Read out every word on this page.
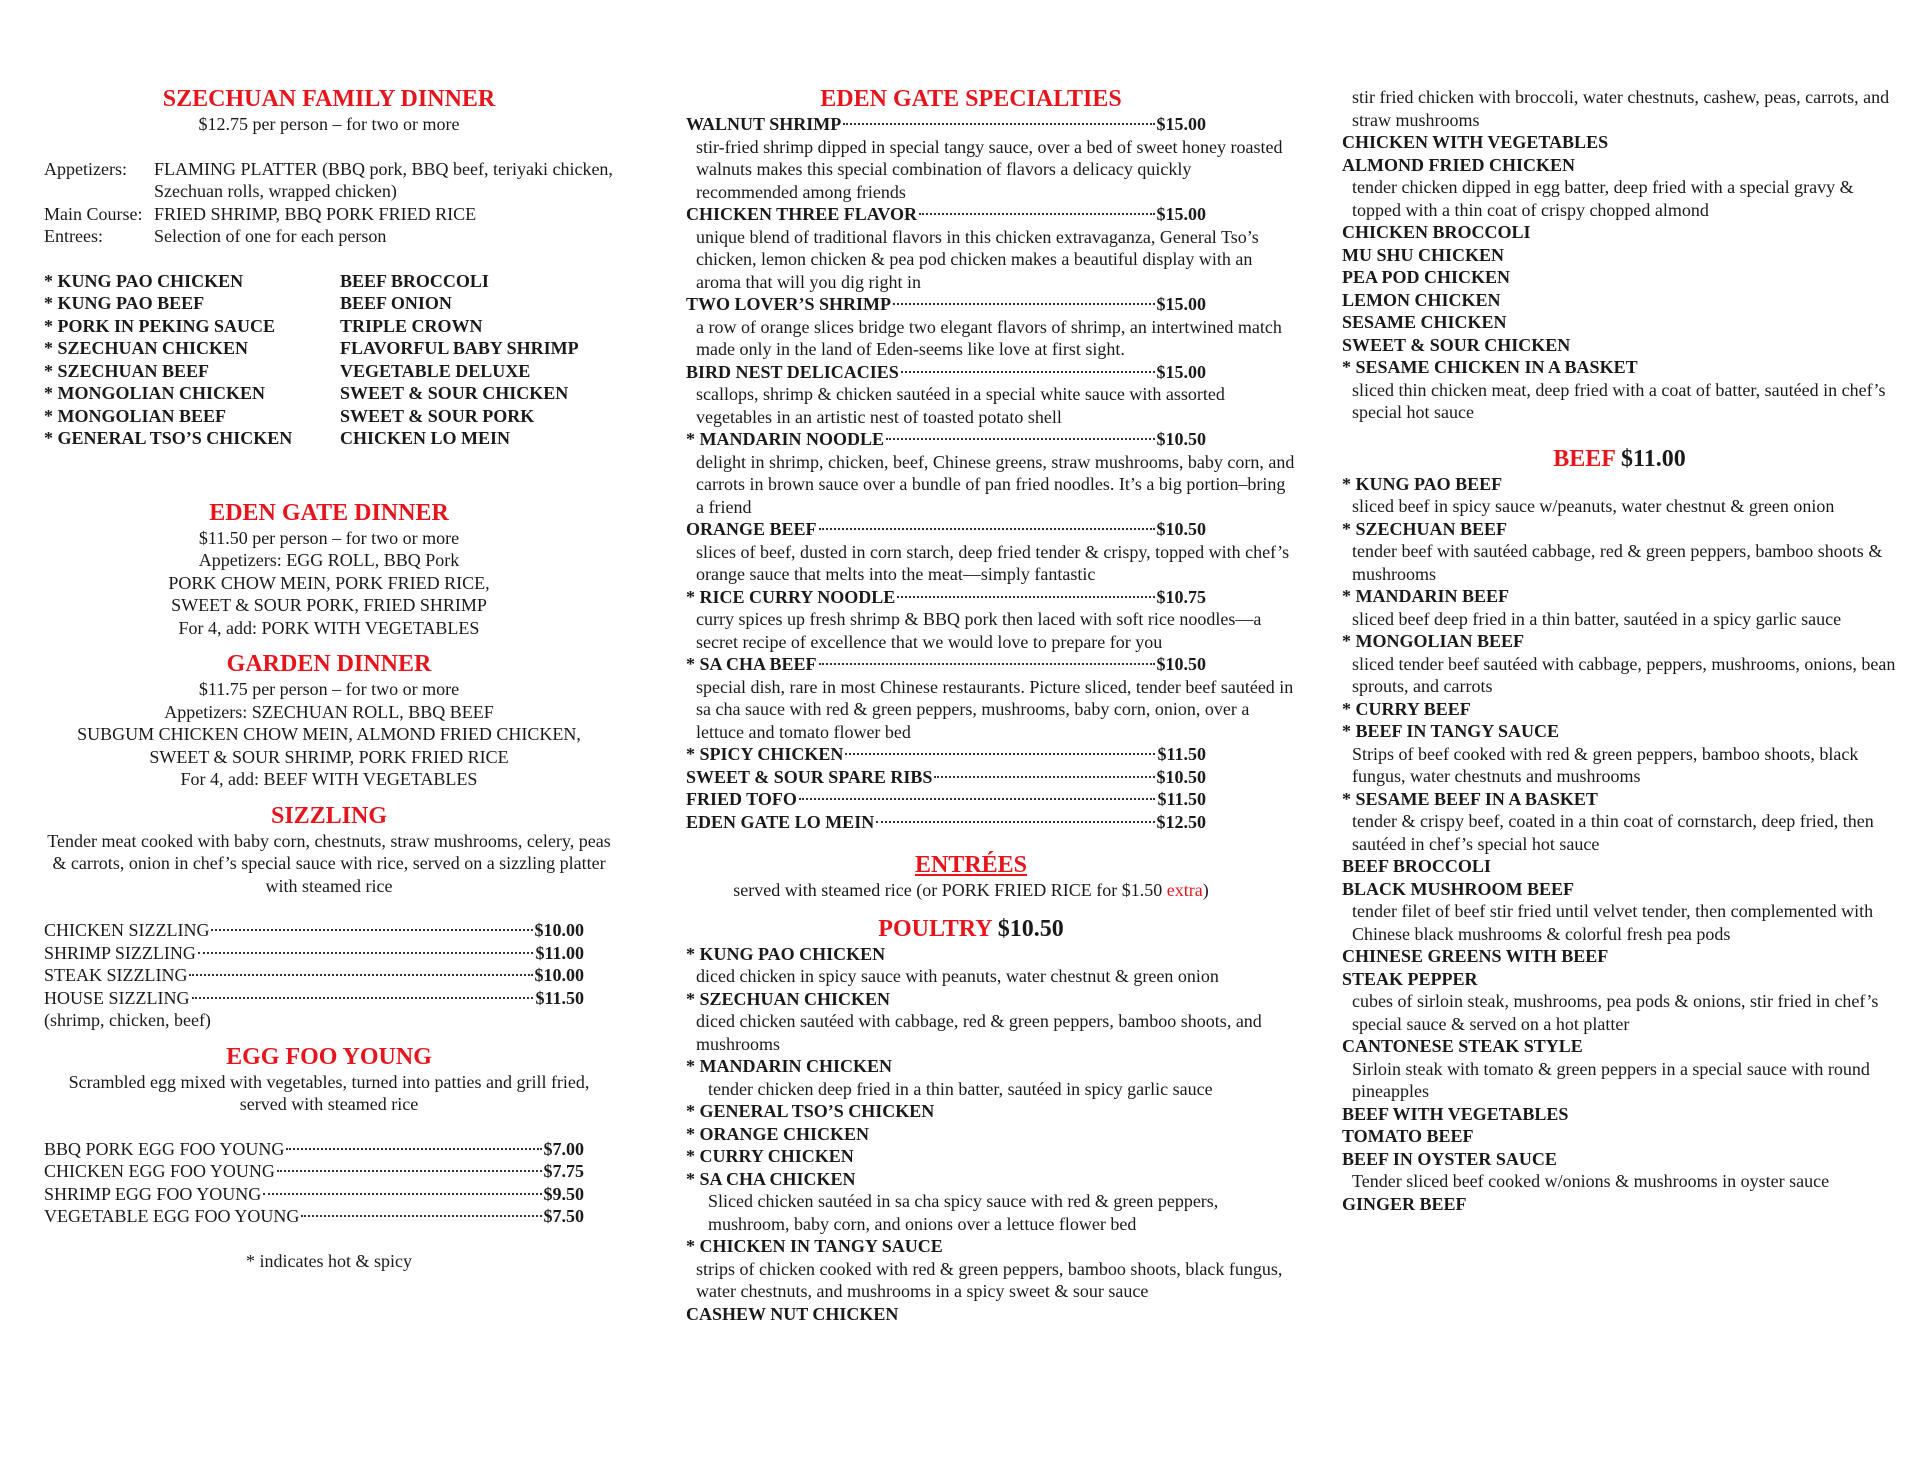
SZECHUAN FAMILY DINNER
$12.75 per person – for two or more
Appetizers:	FLAMING PLATTER (BBQ pork, BBQ beef, teriyaki chicken, Szechuan rolls, wrapped chicken)
Main Course: FRIED SHRIMP, BBQ PORK FRIED RICE
Entrees:	Selection of one for each person
* KUNG PAO CHICKEN	BEEF BROCCOLI
* KUNG PAO BEEF	BEEF ONION
* PORK IN PEKING SAUCE	TRIPLE CROWN
* SZECHUAN CHICKEN	FLAVORFUL BABY SHRIMP
* SZECHUAN BEEF	VEGETABLE DELUXE
* MONGOLIAN CHICKEN	SWEET & SOUR CHICKEN
* MONGOLIAN BEEF	SWEET & SOUR PORK
* GENERAL TSO’S CHICKEN	CHICKEN LO MEIN
EDEN GATE DINNER
$11.50 per person – for two or more
Appetizers: EGG ROLL, BBQ Pork
PORK CHOW MEIN, PORK FRIED RICE,
SWEET & SOUR PORK, FRIED SHRIMP
For 4, add: PORK WITH VEGETABLES
GARDEN DINNER
$11.75 per person – for two or more
Appetizers: SZECHUAN ROLL, BBQ BEEF
SUBGUM CHICKEN CHOW MEIN, ALMOND FRIED CHICKEN,
SWEET & SOUR SHRIMP, PORK FRIED RICE
For 4, add: BEEF WITH VEGETABLES
SIZZLING
Tender meat cooked with baby corn, chestnuts, straw mushrooms, celery, peas & carrots, onion in chef’s special sauce with rice, served on a sizzling platter with steamed rice
CHICKEN SIZZLING	$10.00
SHRIMP SIZZLING	$11.00
STEAK SIZZLING	$10.00
HOUSE SIZZLING	$11.50
(shrimp, chicken, beef)
EGG FOO YOUNG
Scrambled egg mixed with vegetables, turned into patties and grill fried, served with steamed rice
BBQ PORK EGG FOO YOUNG	$7.00
CHICKEN EGG FOO YOUNG	$7.75
SHRIMP EGG FOO YOUNG	$9.50
VEGETABLE EGG FOO YOUNG	$7.50
* indicates hot & spicy
EDEN GATE SPECIALTIES
WALNUT SHRIMP	$15.00
stir-fried shrimp dipped in special tangy sauce, over a bed of sweet honey roasted walnuts makes this special combination of flavors a delicacy quickly recommended among friends
CHICKEN THREE FLAVOR	$15.00
unique blend of traditional flavors in this chicken extravaganza, General Tso’s chicken, lemon chicken & pea pod chicken makes a beautiful display with an aroma that will you dig right in
TWO LOVER’S SHRIMP	$15.00
a row of orange slices bridge two elegant flavors of shrimp, an intertwined match made only in the land of Eden-seems like love at first sight.
BIRD NEST DELICACIES	$15.00
scallops, shrimp & chicken sautéed in a special white sauce with assorted vegetables in an artistic nest of toasted potato shell
* MANDARIN NOODLE	$10.50
delight in shrimp, chicken, beef, Chinese greens, straw mushrooms, baby corn, and carrots in brown sauce over a bundle of pan fried noodles. It’s a big portion–bring a friend
ORANGE BEEF	$10.50
slices of beef, dusted in corn starch, deep fried tender & crispy, topped with chef’s orange sauce that melts into the meat—simply fantastic
* RICE CURRY NOODLE	$10.75
curry spices up fresh shrimp & BBQ pork then laced with soft rice noodles—a secret recipe of excellence that we would love to prepare for you
* SA CHA BEEF	$10.50
special dish, rare in most Chinese restaurants. Picture sliced, tender beef sautéed in sa cha sauce with red & green peppers, mushrooms, baby corn, onion, over a lettuce and tomato flower bed
* SPICY CHICKEN	$11.50
SWEET & SOUR SPARE RIBS	$10.50
FRIED TOFO	$11.50
EDEN GATE LO MEIN	$12.50
ENTRÉES
served with steamed rice (or PORK FRIED RICE for $1.50 extra)
POULTRY $10.50
* KUNG PAO CHICKEN
diced chicken in spicy sauce with peanuts, water chestnut & green onion
* SZECHUAN CHICKEN
diced chicken sautéed with cabbage, red & green peppers, bamboo shoots, and mushrooms
* MANDARIN CHICKEN
tender chicken deep fried in a thin batter, sautéed in spicy garlic sauce
* GENERAL TSO’S CHICKEN
* ORANGE CHICKEN
* CURRY CHICKEN
* SA CHA CHICKEN
Sliced chicken sautéed in sa cha spicy sauce with red & green peppers, mushroom, baby corn, and onions over a lettuce flower bed
* CHICKEN IN TANGY SAUCE
strips of chicken cooked with red & green peppers, bamboo shoots, black fungus, water chestnuts, and mushrooms in a spicy sweet & sour sauce
CASHEW NUT CHICKEN
stir fried chicken with broccoli, water chestnuts, cashew, peas, carrots, and straw mushrooms
CHICKEN WITH VEGETABLES
ALMOND FRIED CHICKEN
tender chicken dipped in egg batter, deep fried with a special gravy & topped with a thin coat of crispy chopped almond
CHICKEN BROCCOLI
MU SHU CHICKEN
PEA POD CHICKEN
LEMON CHICKEN
SESAME CHICKEN
SWEET & SOUR CHICKEN
* SESAME CHICKEN IN A BASKET
sliced thin chicken meat, deep fried with a coat of batter, sautéed in chef’s special hot sauce
BEEF $11.00
* KUNG PAO BEEF
sliced beef in spicy sauce w/peanuts, water chestnut & green onion
* SZECHUAN BEEF
tender beef with sautéed cabbage, red & green peppers, bamboo shoots & mushrooms
* MANDARIN BEEF
sliced beef deep fried in a thin batter, sautéed in a spicy garlic sauce
* MONGOLIAN BEEF
sliced tender beef sautéed with cabbage, peppers, mushrooms, onions, bean sprouts, and carrots
* CURRY BEEF
* BEEF IN TANGY SAUCE
Strips of beef cooked with red & green peppers, bamboo shoots, black fungus, water chestnuts and mushrooms
* SESAME BEEF IN A BASKET
tender & crispy beef, coated in a thin coat of cornstarch, deep fried, then sautéed in chef’s special hot sauce
BEEF BROCCOLI
BLACK MUSHROOM BEEF
tender filet of beef stir fried until velvet tender, then complemented with Chinese black mushrooms & colorful fresh pea pods
CHINESE GREENS WITH BEEF
STEAK PEPPER
cubes of sirloin steak, mushrooms, pea pods & onions, stir fried in chef’s special sauce & served on a hot platter
CANTONESE STEAK STYLE
Sirloin steak with tomato & green peppers in a special sauce with round pineapples
BEEF WITH VEGETABLES
TOMATO BEEF
BEEF IN OYSTER SAUCE
Tender sliced beef cooked w/onions & mushrooms in oyster sauce
GINGER BEEF
